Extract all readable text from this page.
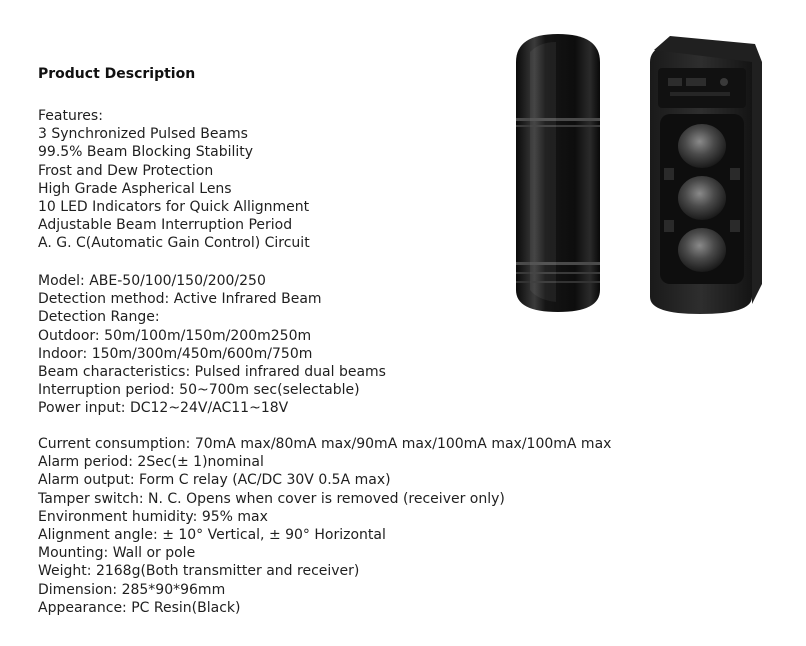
Product Description
Features:
3 Synchronized Pulsed Beams
99.5% Beam Blocking Stability
Frost and Dew Protection
High Grade Aspherical Lens
10 LED Indicators for Quick Allignment
Adjustable Beam Interruption Period
A. G. C(Automatic Gain Control) Circuit
Model: ABE-50/100/150/200/250
Detection method: Active Infrared Beam
Detection Range:
Outdoor: 50m/100m/150m/200m250m
Indoor: 150m/300m/450m/600m/750m
Beam characteristics: Pulsed infrared dual beams
Interruption period: 50~700m sec(selectable)
Power input: DC12~24V/AC11~18V
Current consumption: 70mA max/80mA max/90mA max/100mA max/100mA max
Alarm period: 2Sec(± 1)nominal
Alarm output: Form C relay (AC/DC 30V 0.5A max)
Tamper switch: N. C. Opens when cover is removed (receiver only)
Environment humidity: 95% max
Alignment angle: ± 10° Vertical, ± 90° Horizontal
Mounting: Wall or pole
Weight: 2168g(Both transmitter and receiver)
Dimension: 285*90*96mm
Appearance: PC Resin(Black)
